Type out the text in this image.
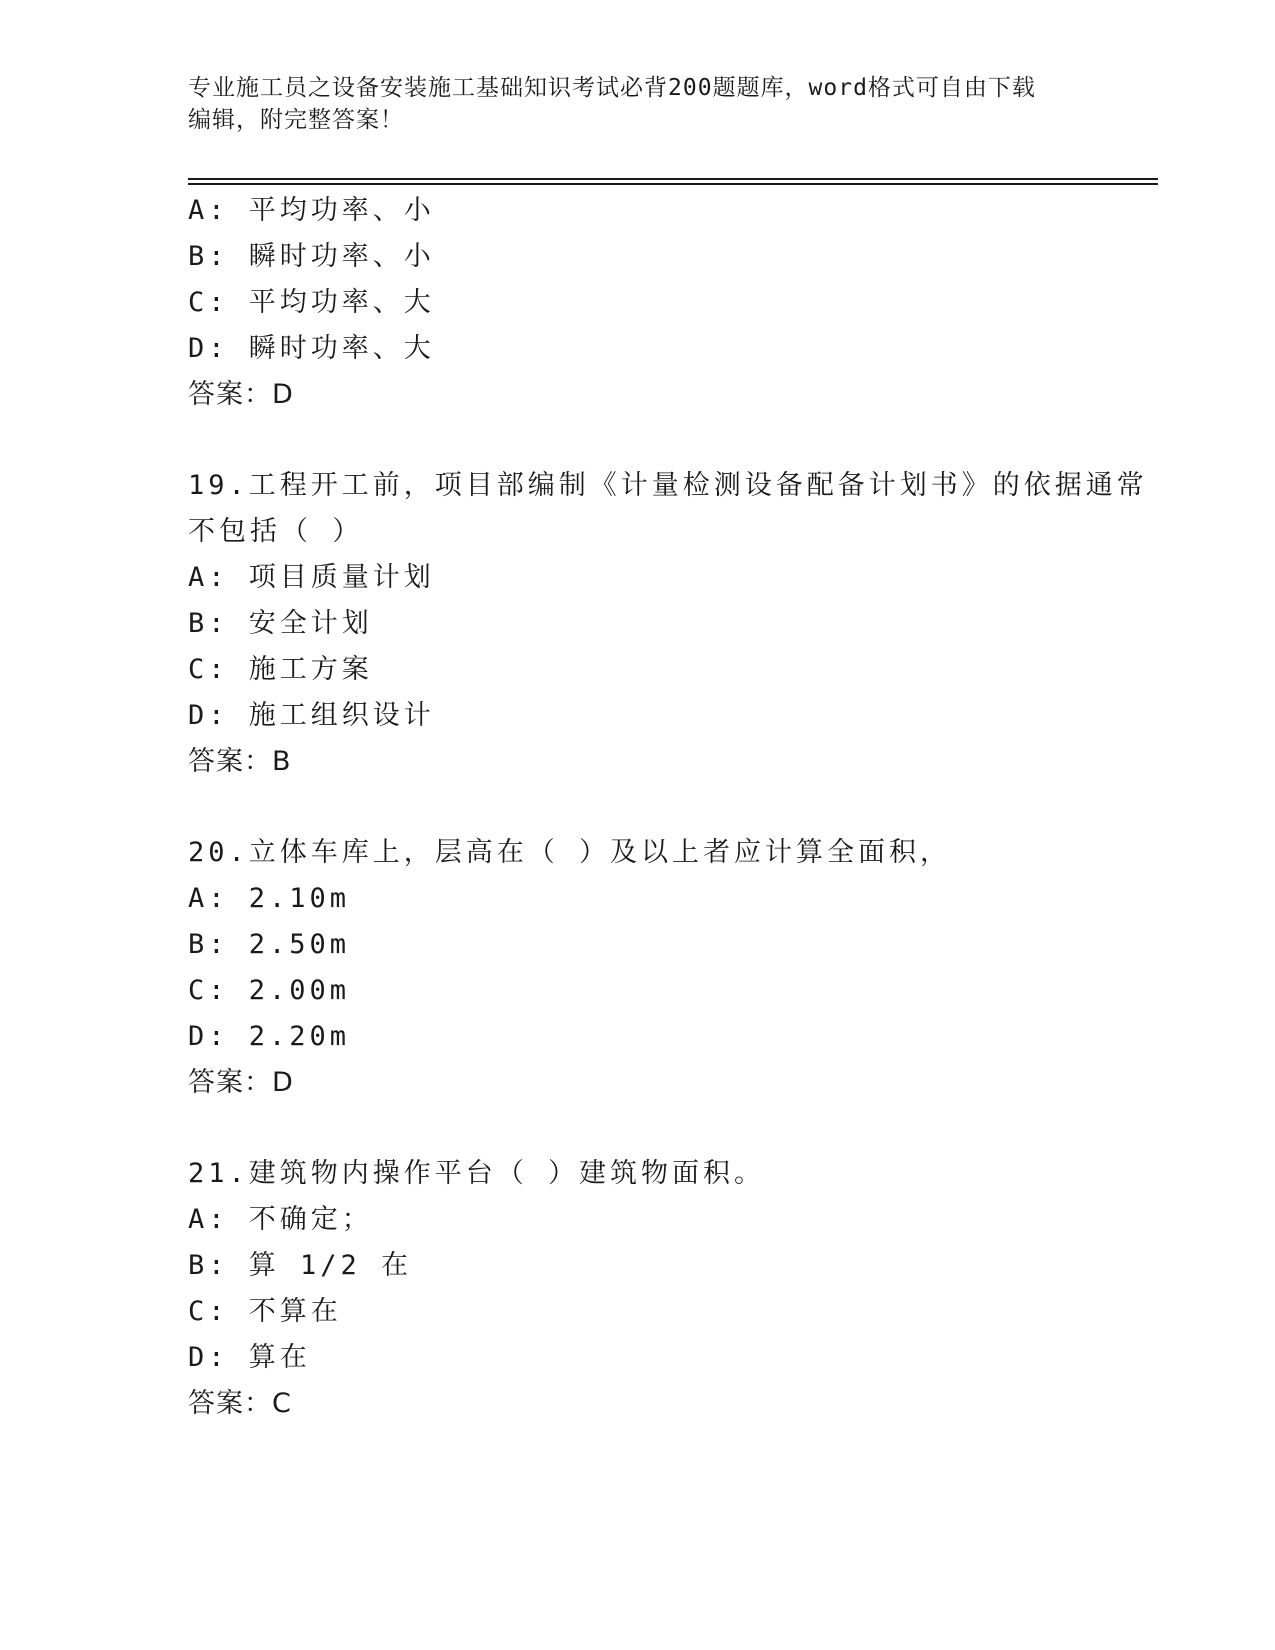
专业施工员之设备安装施工基础知识考试必背200题题库，word格式可自由下载
编辑，附完整答案！
A: 平均功率、小
B: 瞬时功率、小
C: 平均功率、大
D: 瞬时功率、大
答案：D
19.工程开工前，项目部编制《计量检测设备配备计划书》的依据通常
不包括（ ）
A: 项目质量计划
B: 安全计划
C: 施工方案
D: 施工组织设计
答案：B
20.立体车库上，层高在（ ）及以上者应计算全面积，
A: 2.10m
B: 2.50m
C: 2.00m
D: 2.20m
答案：D
21.建筑物内操作平台（ ）建筑物面积。
A: 不确定；
B: 算 1/2 在
C: 不算在
D: 算在
答案：C
